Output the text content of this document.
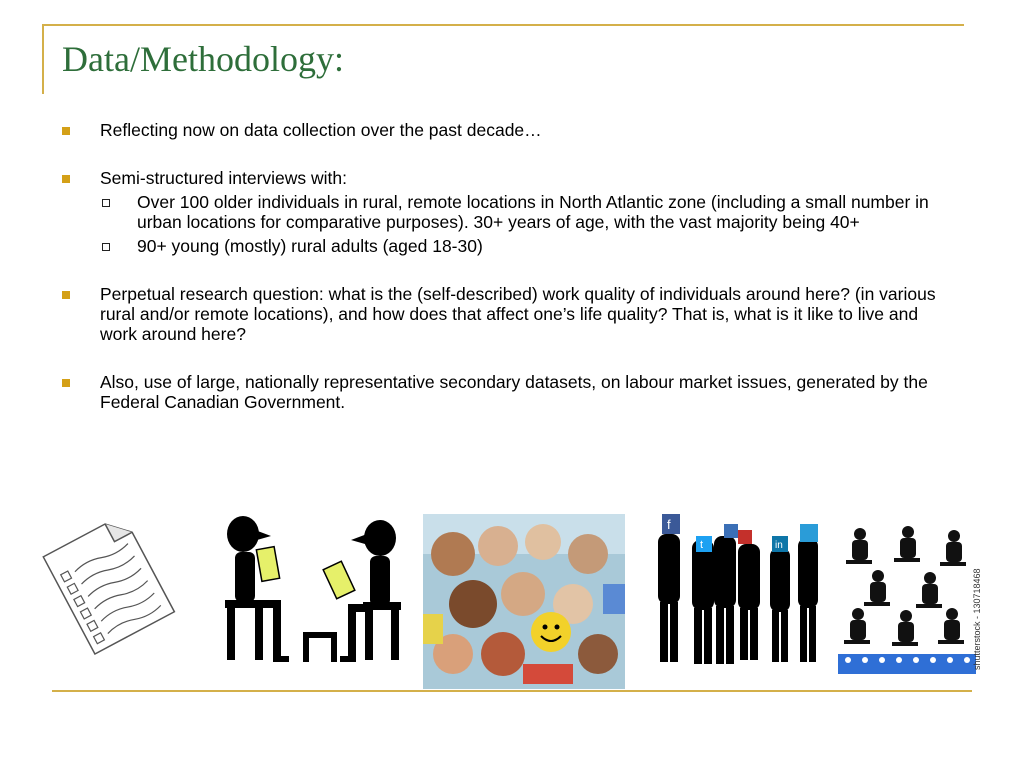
Data/Methodology:
Reflecting now on data collection over the past decade…
Semi-structured interviews with:
Over 100 older individuals in rural, remote locations in North Atlantic zone (including a small number in urban locations for comparative purposes). 30+ years of age, with the vast majority being 40+
90+ young (mostly) rural adults (aged 18-30)
Perpetual research question: what is the (self-described) work quality of individuals around here? (in various rural and/or remote locations), and how does that affect one’s life quality? That is, what is it like to live and work around here?
Also, use of large, nationally representative secondary datasets, on labour market issues, generated by the Federal Canadian Government.
f
t	in
shutterstock - 130718468
